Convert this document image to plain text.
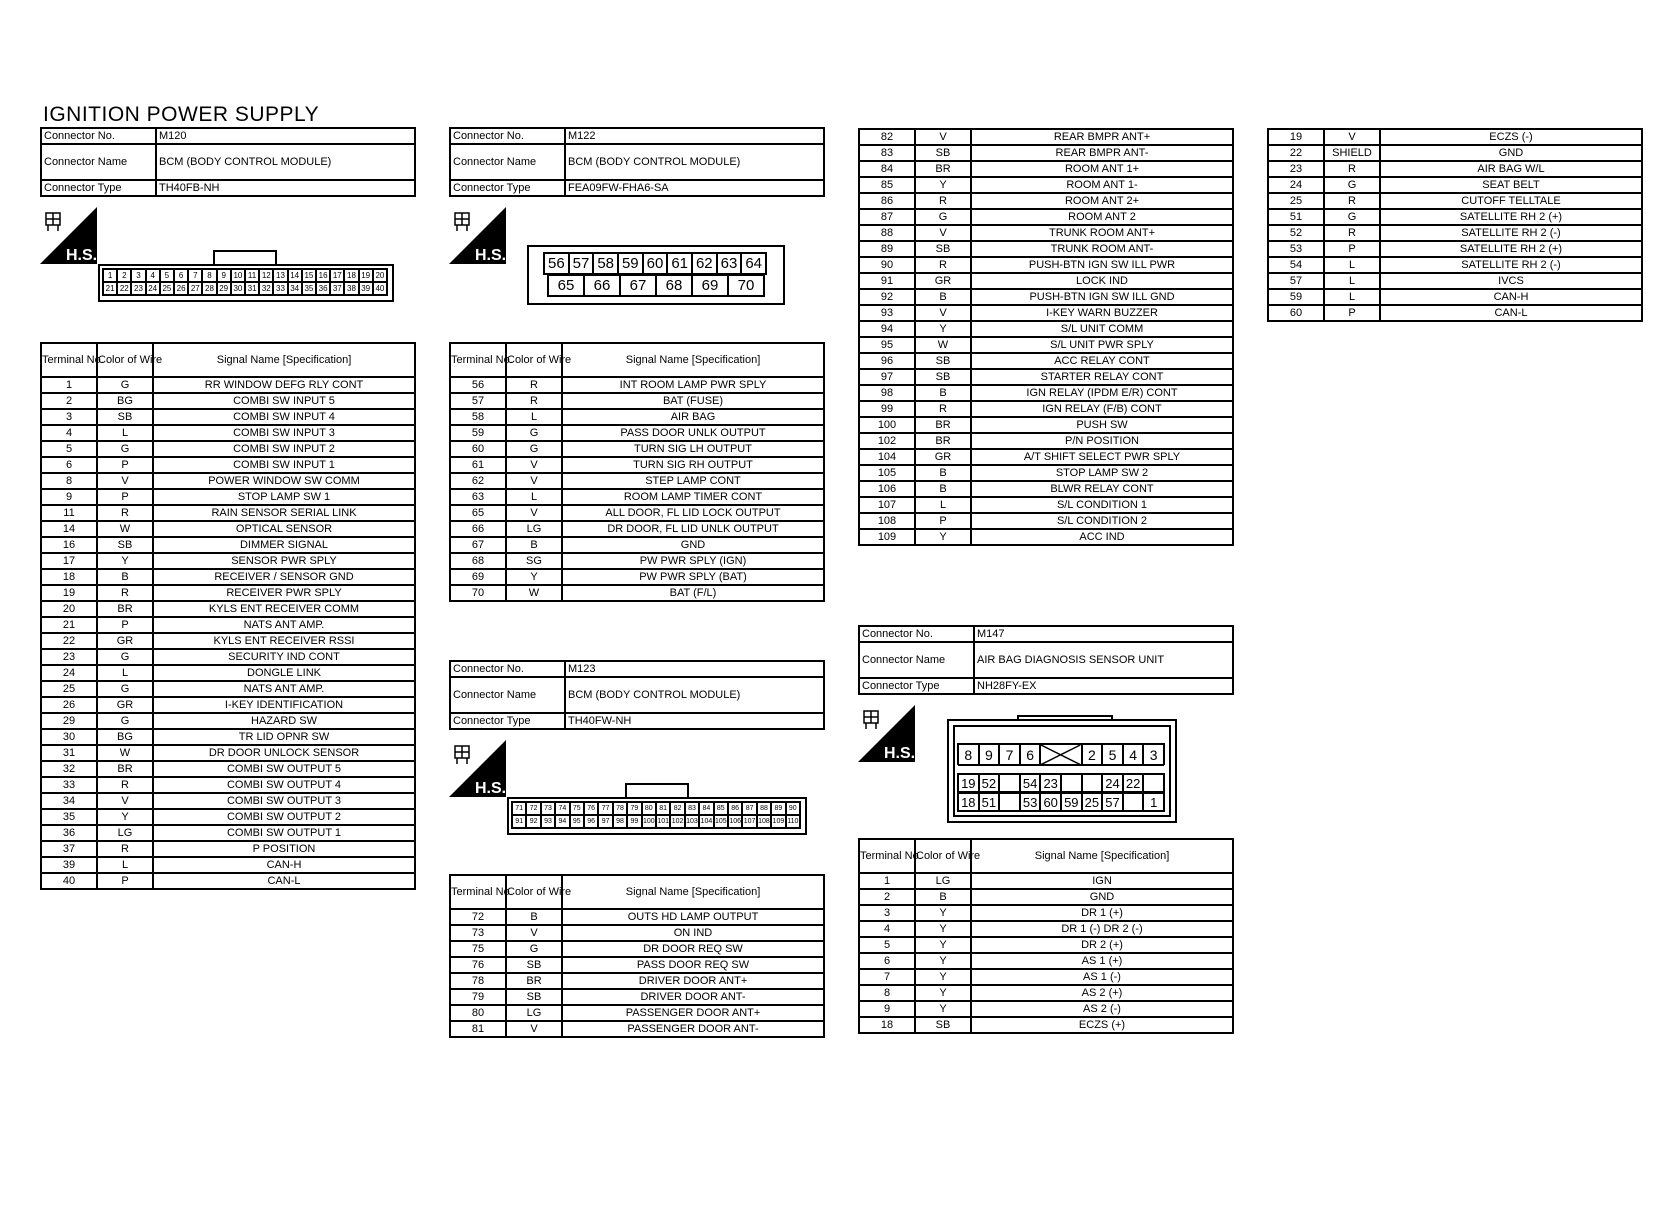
IGNITION POWER SUPPLY
Connector No.	M120
Connector Name	BCM (BODY CONTROL MODULE)
Connector Type	TH40FB-NH
H.S.
1	2	3	4	5	6	7	8	9 10 11 12 13 14 15 16 17 18 19 20
21 22 23 24 25 26 27 28 29 30 31 32 33 34 35 36 37 38 39 40
Terminal No.	Color of Wire	Signal Name [Specification]
1	G	RR WINDOW DEFG RLY CONT
2	BG	COMBI SW INPUT 5
3	SB	COMBI SW INPUT 4
4	L	COMBI SW INPUT 3
5	G	COMBI SW INPUT 2
6	P	COMBI SW INPUT 1
8	V	POWER WINDOW SW COMM
9	P	STOP LAMP SW 1
11	R	RAIN SENSOR SERIAL LINK
14	W	OPTICAL SENSOR
16	SB	DIMMER SIGNAL
17	Y	SENSOR PWR SPLY
18	B	RECEIVER / SENSOR GND
19	R	RECEIVER PWR SPLY
20	BR	KYLS ENT RECEIVER COMM
21	P	NATS ANT AMP.
22	GR	KYLS ENT RECEIVER RSSI
23	G	SECURITY IND CONT
24	L	DONGLE LINK
25	G	NATS ANT AMP.
26	GR	I-KEY IDENTIFICATION
29	G	HAZARD SW
30	BG	TR LID OPNR SW
31	W	DR DOOR UNLOCK SENSOR
32	BR	COMBI SW OUTPUT 5
33	R	COMBI SW OUTPUT 4
34	V	COMBI SW OUTPUT 3
35	Y	COMBI SW OUTPUT 2
36	LG	COMBI SW OUTPUT 1
37	R	P POSITION
39	L	CAN-H
40	P	CAN-L
Connector No.	M122
Connector Name	BCM (BODY CONTROL MODULE)
Connector Type	FEA09FW-FHA6-SA
H.S.	56 57 58 59 60 61 62 63 64
65	66	67	68	69	70
Terminal No.	Color of Wire	Signal Name [Specification]
56	R	INT ROOM LAMP PWR SPLY
57	R	BAT (FUSE)
58	L	AIR BAG
59	G	PASS DOOR UNLK OUTPUT
60	G	TURN SIG LH OUTPUT
61	V	TURN SIG RH OUTPUT
62	V	STEP LAMP CONT
63	L	ROOM LAMP TIMER CONT
65	V	ALL DOOR, FL LID LOCK OUTPUT
66	LG	DR DOOR, FL LID UNLK OUTPUT
67	B	GND
68	SG	PW PWR SPLY (IGN)
69	Y	PW PWR SPLY (BAT)
70	W	BAT (F/L)
Connector No.	M123
Connector Name	BCM (BODY CONTROL MODULE)
Connector Type	TH40FW-NH
H.S.
71 72 73 74 75 76 77 78 79 80 81 82 83 84 85 86 87 88 89 90
91 92 93 94 95 96 97 98 99 100 101 102 103 104 105 106 107 108 109 110
Terminal No.	Color of Wire	Signal Name [Specification]
72	B	OUTS HD LAMP OUTPUT
73	V	ON IND
75	G	DR DOOR REQ SW
76	SB	PASS DOOR REQ SW
78	BR	DRIVER DOOR ANT+
79	SB	DRIVER DOOR ANT-
80	LG	PASSENGER DOOR ANT+
81	V	PASSENGER DOOR ANT-
82	V	REAR BMPR ANT+
83	SB	REAR BMPR ANT-
84	BR	ROOM ANT 1+
85	Y	ROOM ANT 1-
86	R	ROOM ANT 2+
87	G	ROOM ANT 2
88	V	TRUNK ROOM ANT+
89	SB	TRUNK ROOM ANT-
90	R	PUSH-BTN IGN SW ILL PWR
91	GR	LOCK IND
92	B	PUSH-BTN IGN SW ILL GND
93	V	I-KEY WARN BUZZER
94	Y	S/L UNIT COMM
95	W	S/L UNIT PWR SPLY
96	SB	ACC RELAY CONT
97	SB	STARTER RELAY CONT
98	B	IGN RELAY (IPDM E/R) CONT
99	R	IGN RELAY (F/B) CONT
100	BR	PUSH SW
102	BR	P/N POSITION
104	GR	A/T SHIFT SELECT PWR SPLY
105	B	STOP LAMP SW 2
106	B	BLWR RELAY CONT
107	L	S/L CONDITION 1
108	P	S/L CONDITION 2
109	Y	ACC IND
Connector No.	M147
Connector Name	AIR BAG DIAGNOSIS SENSOR UNIT
Connector Type	NH28FY-EX
H.S.	8 9 7 6	2 5 4 3
19 52 54 23	24 22
18 51 53 60 59 25 57	1
Terminal No.	Color of Wire	Signal Name [Specification]
1	LG	IGN
2	B	GND
3	Y	DR 1 (+)
4	Y	DR 1 (-) DR 2 (-)
5	Y	DR 2 (+)
6	Y	AS 1 (+)
7	Y	AS 1 (-)
8	Y	AS 2 (+)
9	Y	AS 2 (-)
18	SB	ECZS (+)
19	V	ECZS (-)
22	SHIELD	GND
23	R	AIR BAG W/L
24	G	SEAT BELT
25	R	CUTOFF TELLTALE
51	G	SATELLITE RH 2 (+)
52	R	SATELLITE RH 2 (-)
53	P	SATELLITE RH 2 (+)
54	L	SATELLITE RH 2 (-)
57	L	IVCS
59	L	CAN-H
60	P	CAN-L
